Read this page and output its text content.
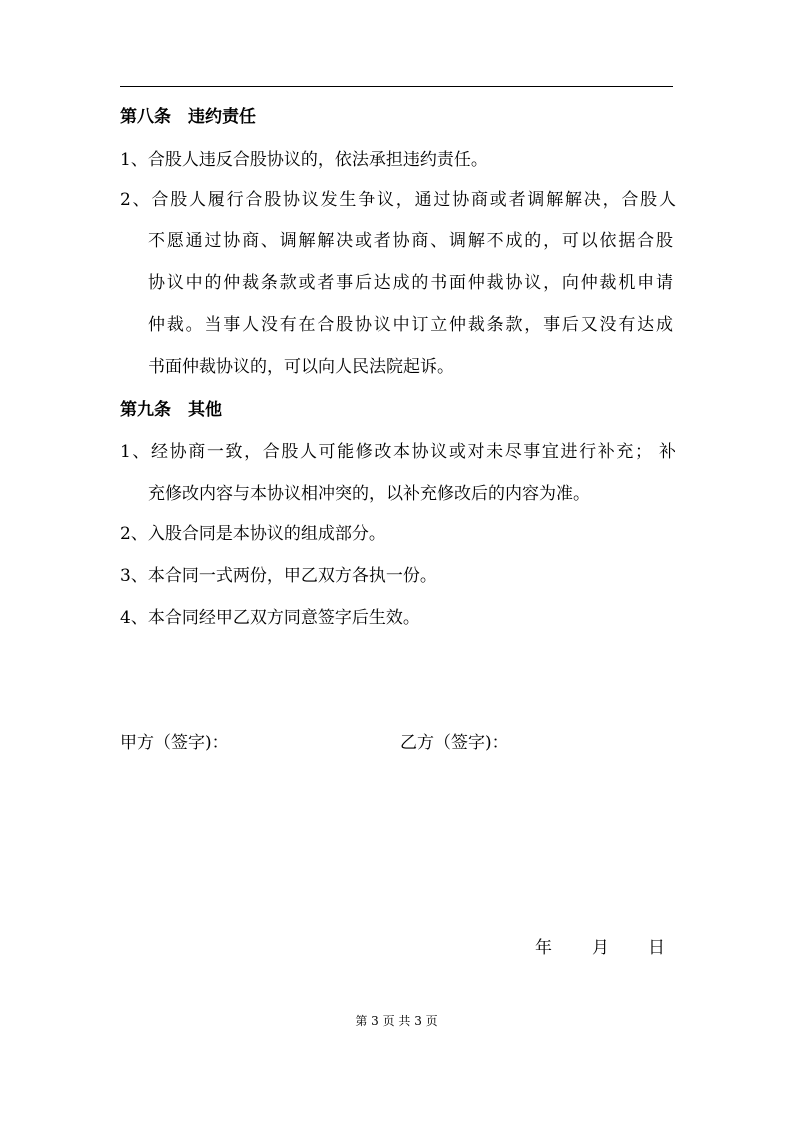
第八条　违约责任
1、合股人违反合股协议的，依法承担违约责任。
2、合股人履行合股协议发生争议，通过协商或者调解解决，合股人
不愿通过协商、调解解决或者协商、调解不成的，可以依据合股
协议中的仲裁条款或者事后达成的书面仲裁协议，向仲裁机申请
仲裁。当事人没有在合股协议中订立仲裁条款，事后又没有达成
书面仲裁协议的，可以向人民法院起诉。
第九条　其他
1、经协商一致，合股人可能修改本协议或对未尽事宜进行补充； 补
充修改内容与本协议相冲突的，以补充修改后的内容为准。
2、入股合同是本协议的组成部分。
3、本合同一式两份，甲乙双方各执一份。
4、本合同经甲乙双方同意签字后生效。
甲方（签字)：	乙方（签字)：
年 月 日
第 3 页 共 3 页
